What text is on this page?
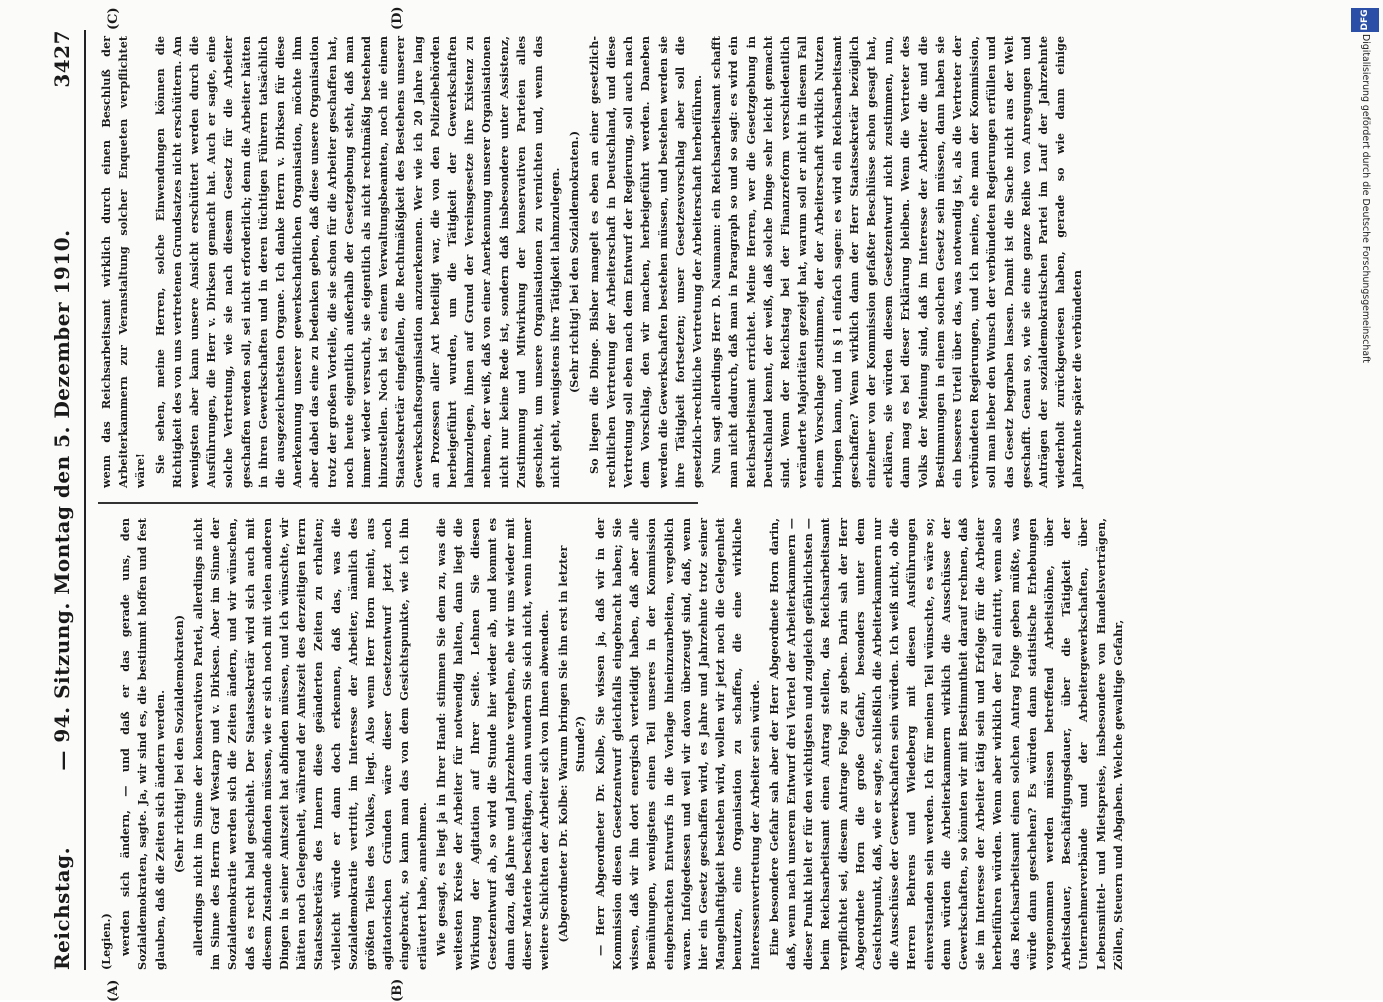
Reichstag.
— 94. Sitzung. Montag den 5. Dezember 1910.
3427
(Legien.) werden sich ändern, — und daß er das gerade uns, den Sozialdemokraten, sagte. Ja, wir sind es, die bestimmt hoffen und fest glauben, daß die Zeiten sich ändern werden. (Sehr richtig! bei den Sozialdemokraten) allerdings nicht im Sinne der konservativen Partei, allerdings nicht im Sinne des Herrn Graf Westarp und v. Dirksen. Aber im Sinne der Sozialdemokratie werden sich die Zeiten ändern, und wir wünschen, daß es recht bald geschieht. Der Staatssekretär wird sich auch mit diesem Zustande abfinden müssen, wie er sich noch mit vielen anderen Dingen in seiner Amtszeit hat abfinden müssen, und ich wünschte, wir hätten noch Gelegenheit, während der Amtszeit des derzeitigen Herrn Staatssekretärs des Innern diese geänderten Zeiten zu erhalten; vielleicht würde er dann doch erkennen, daß das, was die Sozialdemokratie vertritt, im Interesse der Arbeiter, nämlich des größten Teiles des Volkes, liegt. Also wenn Herr Horn meint, aus agitatorischen Gründen wäre dieser Gesetzentwurf jetzt noch eingebracht, so kann man das von dem Gesichtspunkte, wie ich ihn erläutert habe, annehmen. Wie gesagt, es liegt ja in Ihrer Hand: stimmen Sie dem zu, was die weitesten Kreise der Arbeiter für notwendig halten, dann liegt die Wirkung der Agitation auf Ihrer Seite. Lehnen Sie diesen Gesetzentwurf ab, so wird die Stunde hier wieder ab, und kommt es dann dazu, daß Jahre und Jahrzehnte vergehen, ehe wir uns wieder mit dieser Materie beschäftigen, dann wundern Sie sich nicht, wenn immer weitere Schichten der Arbeiter sich von Ihnen abwenden. (Abgeordneter Dr. Kolbe: Warum bringen Sie ihn erst in letzter Stunde?) — Herr Abgeordneter Dr. Kolbe, Sie wissen ja, daß wir in der Kommission diesen Gesetzentwurf gleichfalls eingebracht haben; Sie wissen, daß wir ihn dort energisch verteidigt haben, daß aber alle Bemühungen, wenigstens einen Teil unseres in der Kommission eingebrachten Entwurfs in die Vorlage hineinzuarbeiten, vergeblich waren. Infolgedessen und weil wir davon überzeugt sind, daß, wenn hier ein Gesetz geschaffen wird, es Jahre und Jahrzehnte trotz seiner Mangelhaftigkeit bestehen wird, wollen wir jetzt noch die Gelegenheit benutzen, eine Organisation zu schaffen, die eine wirkliche Interessenvertretung der Arbeiter sein würde. Eine besondere Gefahr sah aber der Herr Abgeordnete Horn darin, daß, wenn nach unserem Entwurf drei Viertel der Arbeiterkammern — dieser Punkt hielt er für den wichtigsten und zugleich gefährlichsten — beim Reichsarbeitsamt einen Antrag stellen, das Reichsarbeitsamt verpflichtet sei, diesem Antrage Folge zu geben. Darin sah der Herr Abgeordnete Horn die große Gefahr, besonders unter dem Gesichtspunkt, daß, wie er sagte, schließlich die Arbeiterkammern nur die Ausschüsse der Gewerkschaften sein würden. Ich weiß nicht, ob die Herren Behrens und Wiedeberg mit diesen Ausführungen einverstanden sein werden. Ich für meinen Teil wünschte, es wäre so; denn würden die Arbeiterkammern wirklich die Ausschüsse der Gewerkschaften, so könnten wir mit Bestimmtheit darauf rechnen, daß sie im Interesse der Arbeiter tätig sein und Erfolge für die Arbeiter herbeiführen würden. Wenn aber wirklich der Fall eintritt, wenn also das Reichsarbeitsamt einen solchen Antrag Folge geben müßte, was würde dann geschehen? Es würden dann statistische Erhebungen vorgenommen werden müssen betreffend Arbeitslöhne, über Arbeitsdauer, Beschäftigungsdauer, über die Tätigkeit der Unternehmerverbände und der Arbeitergewerkschaften, über Lebensmittel- und Mietspreise, insbesondere von Handelsverträgen, Zöllen, Steuern und Abgaben. Welche gewaltige Gefahr,

wenn das Reichsarbeitsamt wirklich durch einen Beschluß der Arbeiterkammern zur Veranstaltung solcher Enqueten verpflichtet wäre! Sie sehen, meine Herren, solche Einwendungen können die Richtigkeit des von uns vertretenen Grundsatzes nicht erschüttern. Am wenigsten aber kann unsere Ansicht erschüttert werden durch die Ausführungen, die Herr v. Dirksen gemacht hat. Auch er sagte, eine solche Vertretung, wie sie nach diesem Gesetz für die Arbeiter geschaffen werden soll, sei nicht erforderlich; denn die Arbeiter hätten in ihren Gewerkschaften und in deren tüchtigen Führern tatsächlich die ausgezeichnetsten Organe. Ich danke Herrn v. Dirksen für diese Anerkennung unserer gewerkschaftlichen Organisation, möchte ihm aber dabei das eine zu bedenken geben, daß diese unsere Organisation trotz der großen Vorteile, die sie schon für die Arbeiter geschaffen hat, noch heute eigentlich außerhalb der Gesetzgebung steht, daß man immer wieder versucht, sie eigentlich als nicht rechtmäßig bestehend hinzustellen. Noch ist es einem Verwaltungsbeamten, noch nie einem Staatssekretär eingefallen, die Rechtmäßigkeit des Bestehens unserer Gewerkschaftsorganisation anzuerkennen. Wer wie ich 20 Jahre lang an Prozessen aller Art beteiligt war, die von den Polizeibehörden herbeigeführt wurden, um die Tätigkeit der Gewerkschaften lahmzulegen, ihnen auf Grund der Vereinsgesetze ihre Existenz zu nehmen, der weiß, daß von einer Anerkennung unserer Organisationen nicht nur keine Rede ist, sondern daß insbesondere unter Assistenz, Zustimmung und Mitwirkung der konservativen Parteien alles geschieht, um unsere Organisationen zu vernichten und, wenn das nicht geht, wenigstens ihre Tätigkeit lahmzulegen. (Sehr richtig! bei den Sozialdemokraten.) So liegen die Dinge. Bisher mangelt es eben an einer gesetzlich-rechtlichen Vertretung der Arbeiterschaft in Deutschland, und diese Vertretung soll eben nach dem Entwurf der Regierung, soll auch nach dem Vorschlag, den wir machen, herbeigeführt werden. Daneben werden die Gewerkschaften bestehen müssen, und bestehen werden sie ihre Tätigkeit fortsetzen; unser Gesetzesvorschlag aber soll die gesetzlich-rechtliche Vertretung der Arbeiterschaft herbeiführen. Nun sagt allerdings Herr D. Naumann: ein Reichsarbeitsamt schafft man nicht dadurch, daß man in Paragraph so und so sagt: es wird ein Reichsarbeitsamt errichtet. Meine Herren, wer die Gesetzgebung in Deutschland kennt, der weiß, daß solche Dinge sehr leicht gemacht sind. Wenn der Reichstag bei der Finanzreform verschiedentlich veränderte Majoritäten gezeigt hat, warum soll er nicht in diesem Fall einem Vorschlage zustimmen, der der Arbeiterschaft wirklich Nutzen bringen kann, und in § 1 einfach sagen: es wird ein Reichsarbeitsamt geschaffen? Wenn wirklich dann der Herr Staatssekretär bezüglich einzelner von der Kommission gefaßter Beschlüsse schon gesagt hat, erklären, sie würden diesem Gesetzentwurf nicht zustimmen, nun, dann mag es bei dieser Erklärung bleiben. Wenn die Vertreter des Volks der Meinung sind, daß im Interesse der Arbeiter die und die Bestimmungen in einem solchen Gesetz sein müssen, dann haben sie ein besseres Urteil über das, was notwendig ist, als die Vertreter der verbündeten Regierungen, und ich meine, ehe man der Kommission, soll man lieber den Wunsch der verbündeten Regierungen erfüllen und das Gesetz begraben lassen. Damit ist die Sache nicht aus der Welt geschafft. Genau so, wie sie eine ganze Reihe von Anregungen und Anträgen der sozialdemokratischen Partei im Lauf der Jahrzehnte wiederholt zurückgewiesen haben, gerade so wie dann einige Jahrzehnte später die verbündeten

(A)	(B)
(C)	(D)	DFG
Digitalisierung gefördert durch die Deutsche Forschungsgemeinschaft
